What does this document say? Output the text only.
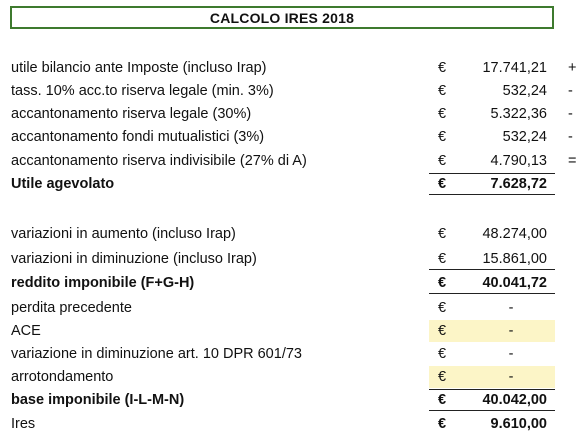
CALCOLO IRES 2018
utile bilancio ante Imposte (incluso Irap)	€	17.741,21 +
tass. 10% acc.to riserva legale (min. 3%)	€	532,24 -
accantonamento riserva legale (30%)	€	5.322,36 -
accantonamento fondi mutualistici (3%)	€	532,24 -
accantonamento riserva indivisibile (27% di A)	€	4.790,13 =
Utile agevolato	€	7.628,72
variazioni in aumento (incluso Irap)	€	48.274,00
variazioni in diminuzione (incluso Irap)	€	15.861,00
reddito imponibile (F+G-H)	€	40.041,72
perdita precedente	€	-
ACE	€	-
variazione in diminuzione art. 10 DPR 601/73	€	-
arrotondamento	€	-
base imponibile (I-L-M-N)	€	40.042,00
Ires	€	9.610,00
